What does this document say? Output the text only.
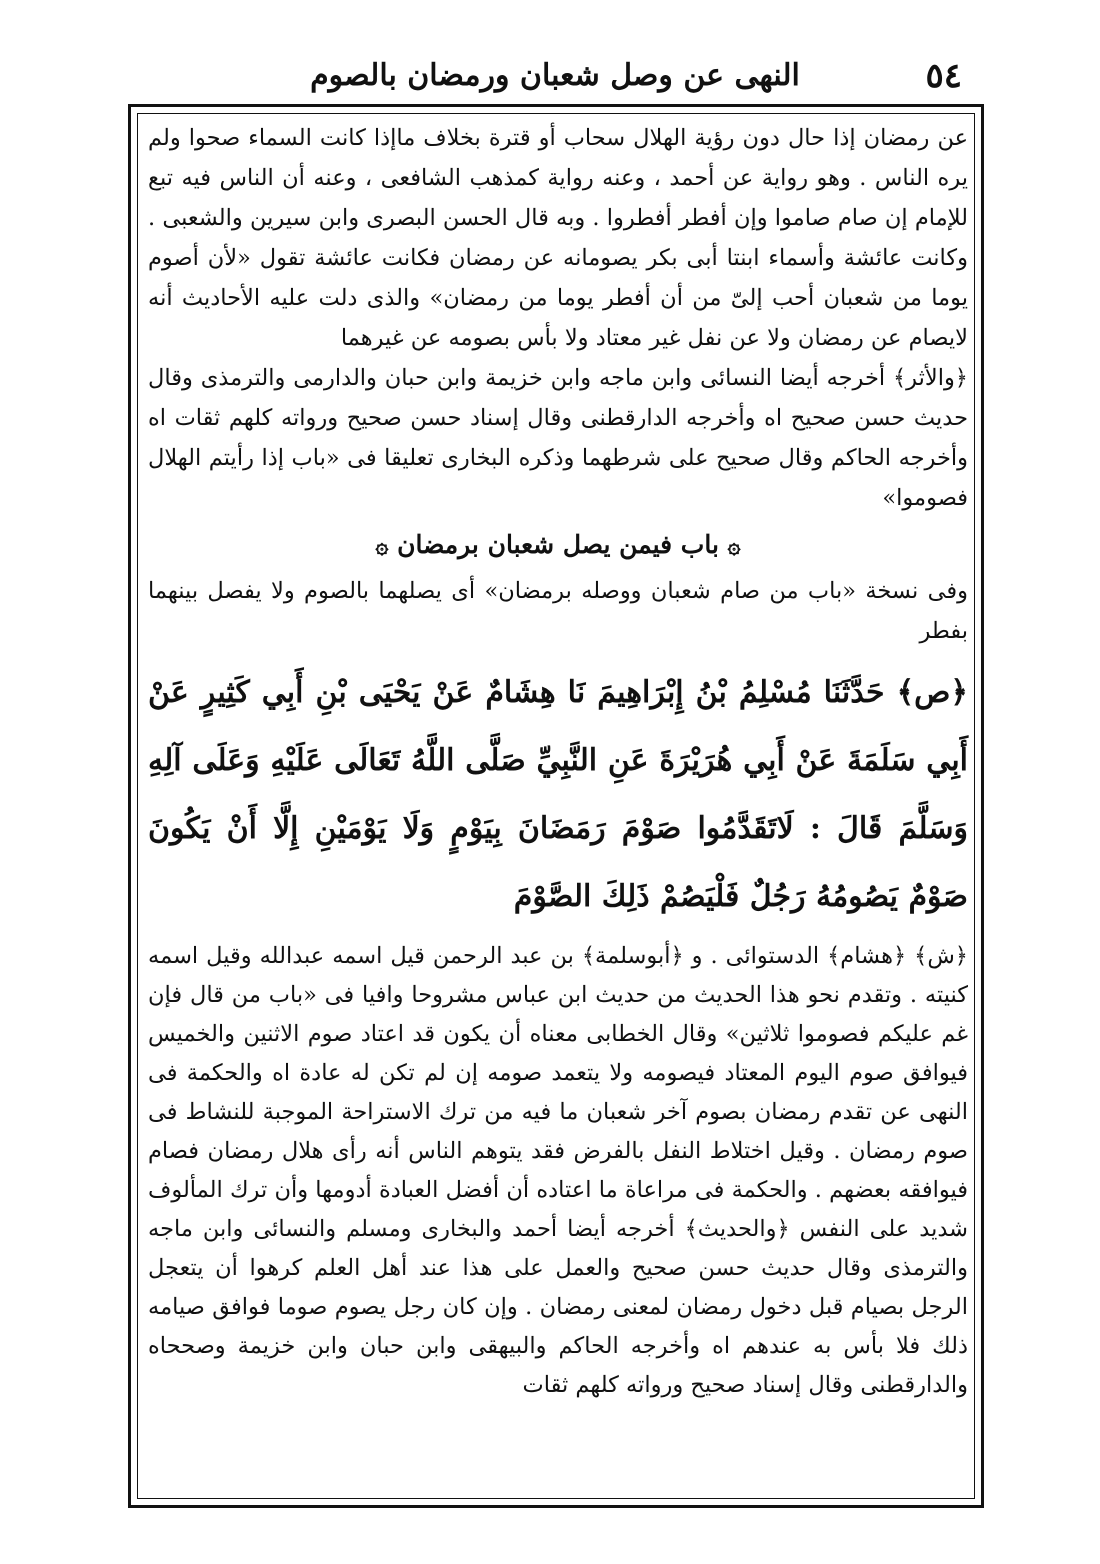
٥٤
النهى عن وصل شعبان ورمضان بالصوم

عن رمضان إذا حال دون رؤية الهلال سحاب أو قترة بخلاف ماإذا كانت السماء صحوا ولم يره الناس . وهو رواية عن أحمد ، وعنه رواية كمذهب الشافعى ، وعنه أن الناس فيه تبع للإمام إن صام صاموا وإن أفطر أفطروا . وبه قال الحسن البصرى وابن سيرين والشعبى . وكانت عائشة وأسماء ابنتا أبى بكر يصومانه عن رمضان فكانت عائشة تقول «لأن أصوم يوما من شعبان أحب إلىّ من أن أفطر يوما من رمضان» والذى دلت عليه الأحاديث أنه لايصام عن رمضان ولا عن نفل غير معتاد ولا بأس بصومه عن غيرهما

﴿والأثر﴾ أخرجه أيضا النسائى وابن ماجه وابن خزيمة وابن حبان والدارمى والترمذى وقال حديث حسن صحيح اه وأخرجه الدارقطنى وقال إسناد حسن صحيح ورواته كلهم ثقات اه وأخرجه الحاكم وقال صحيح على شرطهما وذكره البخارى تعليقا فى «باب إذا رأيتم الهلال فصوموا»

۞ باب فيمن يصل شعبان برمضان ۞

وفى نسخة «باب من صام شعبان ووصله برمضان» أى يصلهما بالصوم ولا يفصل بينهما بفطر

﴿ص﴾ حَدَّثَنَا مُسْلِمُ بْنُ إِبْرَاهِيمَ نَا هِشَامٌ عَنْ يَحْيَى بْنِ أَبِي كَثِيرٍ عَنْ أَبِي سَلَمَةَ عَنْ أَبِي هُرَيْرَةَ عَنِ النَّبِيِّ صَلَّى اللَّهُ تَعَالَى عَلَيْهِ وَعَلَى آلِهِ وَسَلَّمَ قَالَ : لَاتَقَدَّمُوا صَوْمَ رَمَضَانَ بِيَوْمٍ وَلَا يَوْمَيْنِ إِلَّا أَنْ يَكُونَ صَوْمٌ يَصُومُهُ رَجُلٌ فَلْيَصُمْ ذَلِكَ الصَّوْمَ

﴿ش﴾ ﴿هشام﴾ الدستوائى . و ﴿أبوسلمة﴾ بن عبد الرحمن قيل اسمه عبدالله وقيل اسمه كنيته . وتقدم نحو هذا الحديث من حديث ابن عباس مشروحا وافيا فى «باب من قال فإن غم عليكم فصوموا ثلاثين» وقال الخطابى معناه أن يكون قد اعتاد صوم الاثنين والخميس فيوافق صوم اليوم المعتاد فيصومه ولا يتعمد صومه إن لم تكن له عادة اه والحكمة فى النهى عن تقدم رمضان بصوم آخر شعبان ما فيه من ترك الاستراحة الموجبة للنشاط فى صوم رمضان . وقيل اختلاط النفل بالفرض فقد يتوهم الناس أنه رأى هلال رمضان فصام فيوافقه بعضهم . والحكمة فى مراعاة ما اعتاده أن أفضل العبادة أدومها وأن ترك المألوف شديد على النفس ﴿والحديث﴾ أخرجه أيضا أحمد والبخارى ومسلم والنسائى وابن ماجه والترمذى وقال حديث حسن صحيح والعمل على هذا عند أهل العلم كرهوا أن يتعجل الرجل بصيام قبل دخول رمضان لمعنى رمضان . وإن كان رجل يصوم صوما فوافق صيامه ذلك فلا بأس به عندهم اه وأخرجه الحاكم والبيهقى وابن حبان وابن خزيمة وصححاه والدارقطنى وقال إسناد صحيح ورواته كلهم ثقات
